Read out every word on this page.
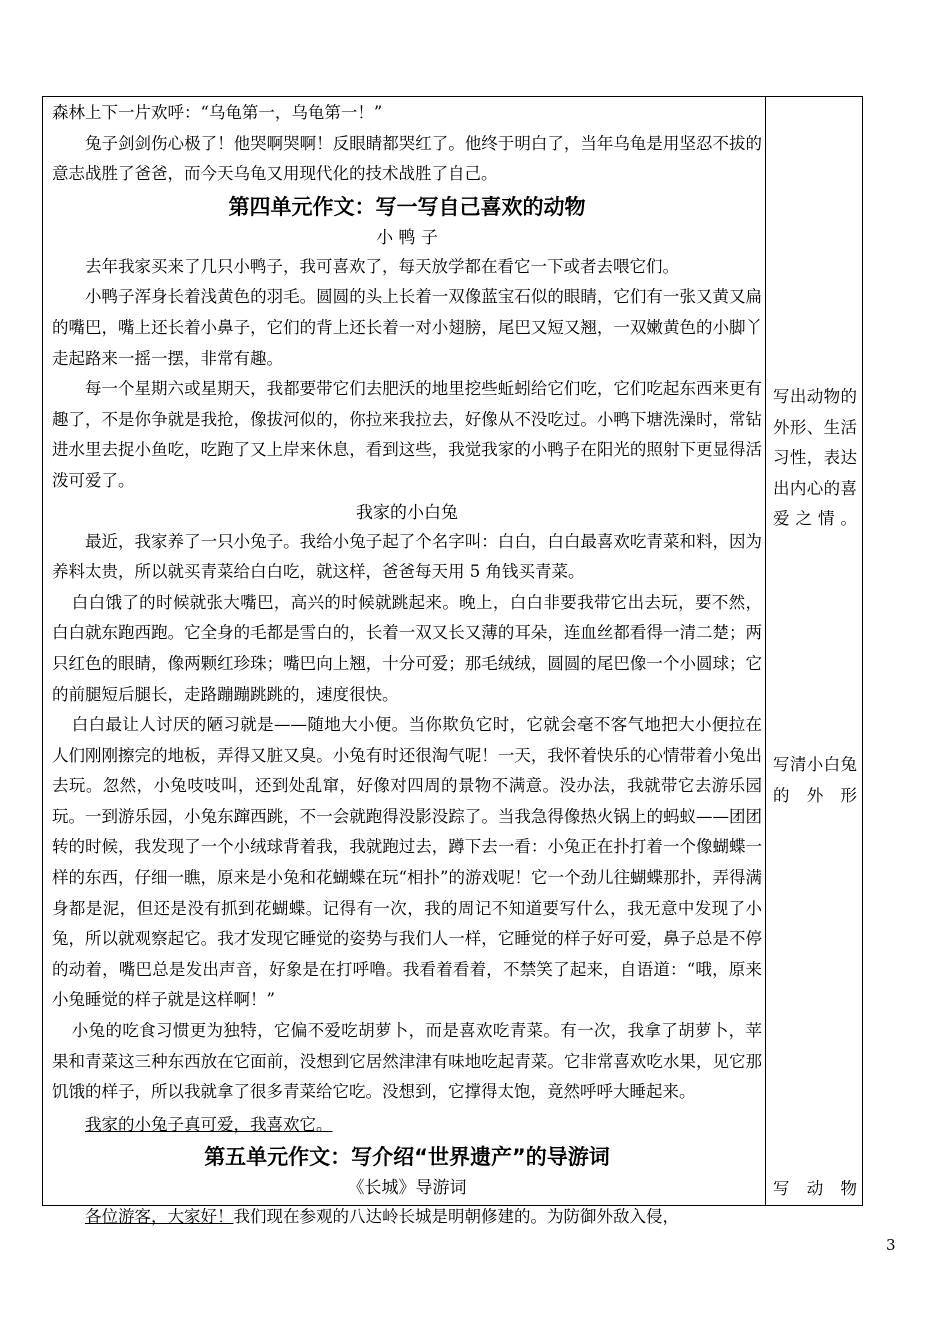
森林上下一片欢呼：“乌龟第一，乌龟第一！”

兔子剑剑伤心极了！他哭啊哭啊！反眼睛都哭红了。他终于明白了，当年乌龟是用坚忍不拔的意志战胜了爸爸，而今天乌龟又用现代化的技术战胜了自己。

第四单元作文：写一写自己喜欢的动物
小 鸭 子

去年我家买来了几只小鸭子，我可喜欢了，每天放学都在看它一下或者去喂它们。

小鸭子浑身长着浅黄色的羽毛。圆圆的头上长着一双像蓝宝石似的眼睛，它们有一张又黄又扁的嘴巴，嘴上还长着小鼻子，它们的背上还长着一对小翅膀，尾巴又短又翘，一双嫩黄色的小脚丫走起路来一摇一摆，非常有趣。

每一个星期六或星期天，我都要带它们去肥沃的地里挖些蚯蚓给它们吃，它们吃起东西来更有趣了，不是你争就是我抢，像拔河似的，你拉来我拉去，好像从不没吃过。小鸭下塘洗澡时，常钻进水里去捉小鱼吃，吃跑了又上岸来休息，看到这些，我觉我家的小鸭子在阳光的照射下更显得活泼可爱了。

我家的小白兔

最近，我家养了一只小兔子。我给小兔子起了个名字叫：白白，白白最喜欢吃青菜和料，因为养料太贵，所以就买青菜给白白吃，就这样，爸爸每天用 5 角钱买青菜。

白白饿了的时候就张大嘴巴，高兴的时候就跳起来。晚上，白白非要我带它出去玩，要不然，白白就东跑西跑。它全身的毛都是雪白的，长着一双又长又薄的耳朵，连血丝都看得一清二楚；两只红色的眼睛，像两颗红珍珠；嘴巴向上翘，十分可爱；那毛绒绒，圆圆的尾巴像一个小圆球；它的前腿短后腿长，走路蹦蹦跳跳的，速度很快。

白白最让人讨厌的陋习就是——随地大小便。当你欺负它时，它就会毫不客气地把大小便拉在人们刚刚擦完的地板，弄得又脏又臭。小兔有时还很淘气呢！一天，我怀着快乐的心情带着小兔出去玩。忽然，小兔吱吱叫，还到处乱窜，好像对四周的景物不满意。没办法，我就带它去游乐园玩。一到游乐园，小兔东蹿西跳，不一会就跑得没影没踪了。当我急得像热火锅上的蚂蚁——团团转的时候，我发现了一个小绒球背着我，我就跑过去，蹲下去一看：小兔正在扑打着一个像蝴蝶一样的东西，仔细一瞧，原来是小兔和花蝴蝶在玩“相扑”的游戏呢！它一个劲儿往蝴蝶那扑，弄得满身都是泥，但还是没有抓到花蝴蝶。记得有一次，我的周记不知道要写什么，我无意中发现了小兔，所以就观察起它。我才发现它睡觉的姿势与我们人一样，它睡觉的样子好可爱，鼻子总是不停的动着，嘴巴总是发出声音，好象是在打呼噜。我看着看着，不禁笑了起来，自语道：“哦，原来小兔睡觉的样子就是这样啊！”

小兔的吃食习惯更为独特，它偏不爱吃胡萝卜，而是喜欢吃青菜。有一次，我拿了胡萝卜，苹果和青菜这三种东西放在它面前，没想到它居然津津有味地吃起青菜。它非常喜欢吃水果，见它那饥饿的样子，所以我就拿了很多青菜给它吃。没想到，它撑得太饱，竟然呼呼大睡起来。

我家的小兔子真可爱，我喜欢它。

第五单元作文：写介绍“世界遗产”的导游词
《长城》导游词

各位游客，大家好！我们现在参观的八达岭长城是明朝修建的。为防御外敌入侵，

写出动物的外形、生活习性，表达出内心的喜爱之情。
写清小白兔的外形
写动物
3
